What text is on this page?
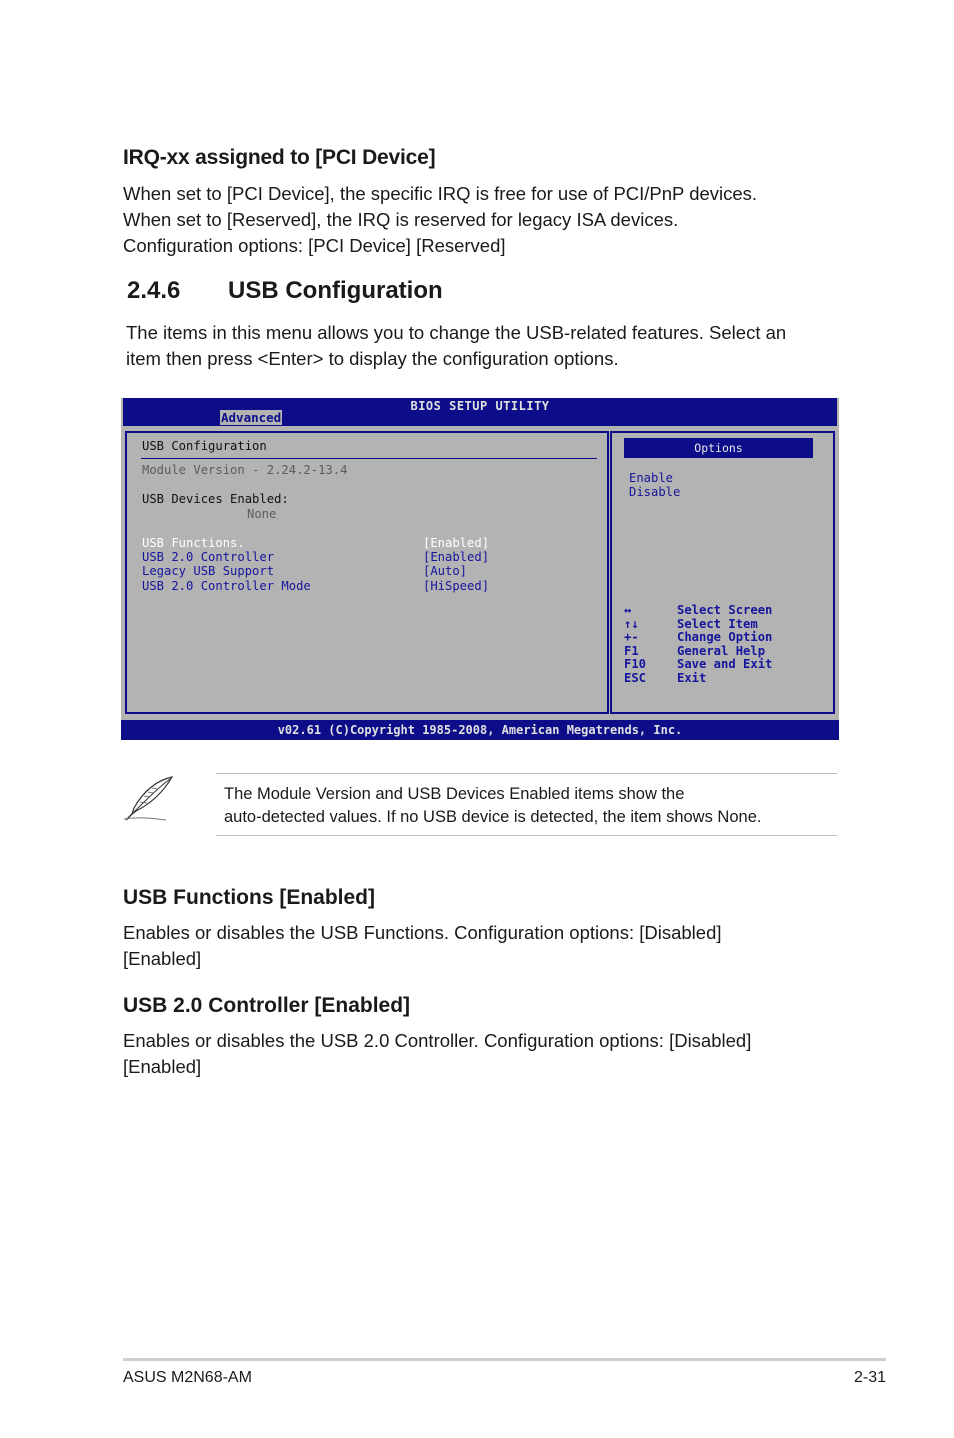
IRQ-xx assigned to [PCI Device]
When set to [PCI Device], the specific IRQ is free for use of PCI/PnP devices.
When set to [Reserved], the IRQ is reserved for legacy ISA devices.
Configuration options: [PCI Device] [Reserved]
2.4.6 USB Configuration
The items in this menu allows you to change the USB-related features. Select an
item then press <Enter> to display the configuration options.
BIOS SETUP UTILITY
Advanced
USB Configuration
Module Version - 2.24.2-13.4
USB Devices Enabled:
None
USB Functions.	[Enabled]
USB 2.0 Controller	[Enabled]
Legacy USB Support	[Auto]
USB 2.0 Controller Mode	[HiSpeed]
Options
Enable
Disable
↔	Select Screen
↑↓	Select Item
+-	Change Option
F1	General Help
F10	Save and Exit
ESC	Exit
v02.61 (C)Copyright 1985-2008, American Megatrends, Inc.
The Module Version and USB Devices Enabled items show the
auto-detected values. If no USB device is detected, the item shows None.
USB Functions [Enabled]
Enables or disables the USB Functions. Configuration options: [Disabled]
[Enabled]
USB 2.0 Controller [Enabled]
Enables or disables the USB 2.0 Controller. Configuration options: [Disabled]
[Enabled]
ASUS M2N68-AM	2-31
